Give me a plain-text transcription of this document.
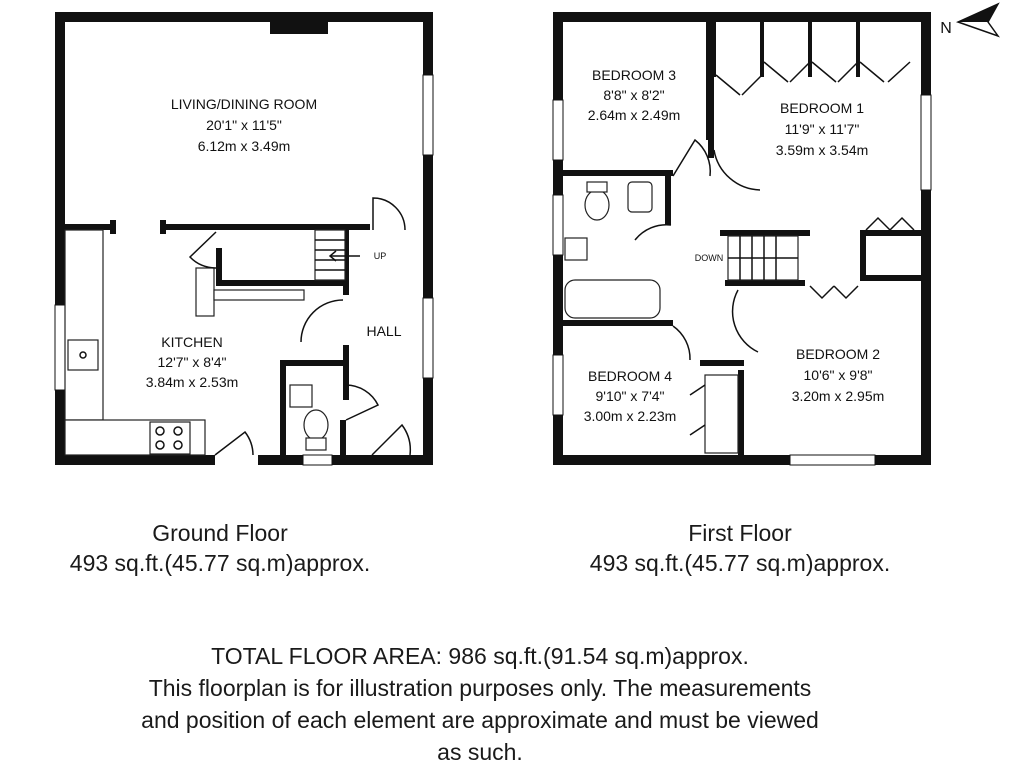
UP
LIVING/DINING ROOM
20'1" x 11'5"
6.12m x 3.49m
KITCHEN
12'7" x 8'4"
3.84m x 2.53m
HALL
DOWN
BEDROOM 3
8'8" x 8'2"
2.64m x 2.49m	BEDROOM 1
11'9" x 11'7"
3.59m x 3.54m
BEDROOM 4
9'10" x 7'4"
3.00m x 2.23m
BEDROOM 2
10'6" x 9'8"
3.20m x 2.95m
N
Ground Floor
493 sq.ft.(45.77 sq.m)approx.
First Floor
493 sq.ft.(45.77 sq.m)approx.
TOTAL FLOOR AREA: 986 sq.ft.(91.54 sq.m)approx.
This floorplan is for illustration purposes only. The measurements
and position of each element are approximate and must be viewed
as such.
